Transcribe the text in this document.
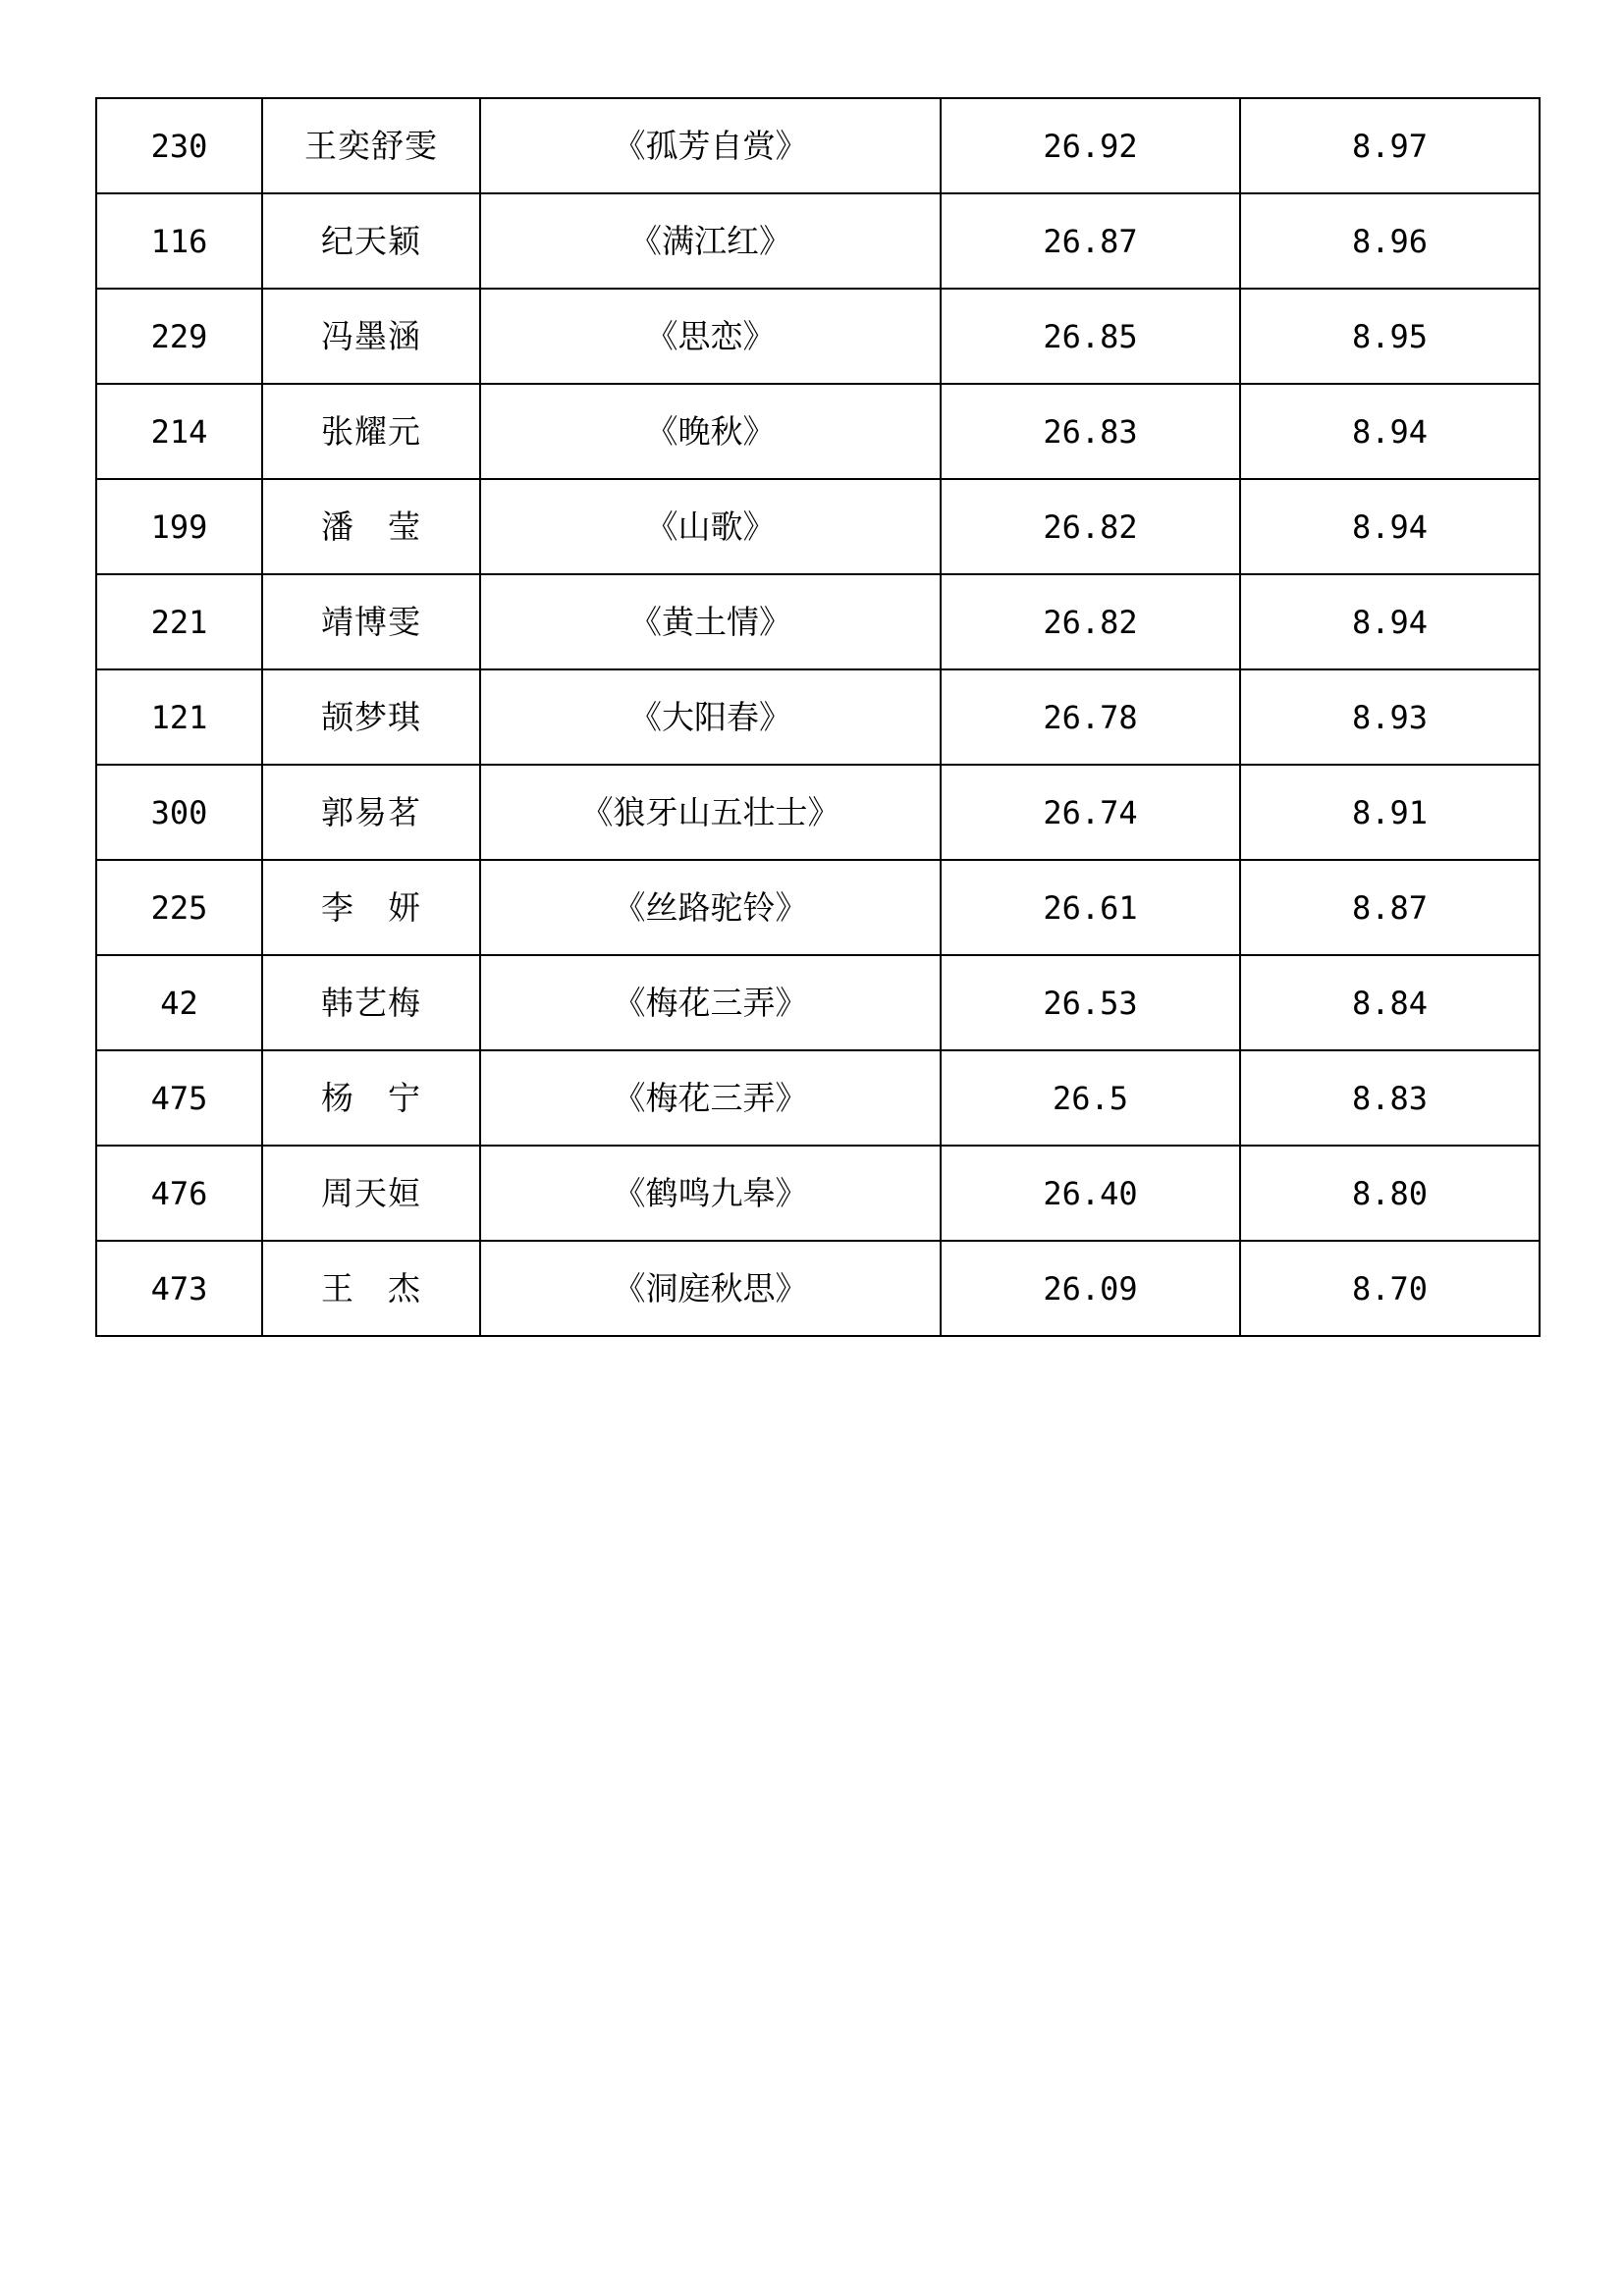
230	王奕舒雯	《孤芳自赏》	26.92	8.97
116	纪天颖	《满江红》	26.87	8.96
229	冯墨涵	《思恋》	26.85	8.95
214	张耀元	《晚秋》	26.83	8.94
199	潘　莹	《山歌》	26.82	8.94
221	靖博雯	《黄土情》	26.82	8.94
121	颉梦琪	《大阳春》	26.78	8.93
300	郭易茗	《狼牙山五壮士》	26.74	8.91
225	李　妍	《丝路驼铃》	26.61	8.87
42	韩艺梅	《梅花三弄》	26.53	8.84
475	杨　宁	《梅花三弄》	26.5	8.83
476	周天姮	《鹤鸣九皋》	26.40	8.80
473	王　杰	《洞庭秋思》	26.09	8.70
